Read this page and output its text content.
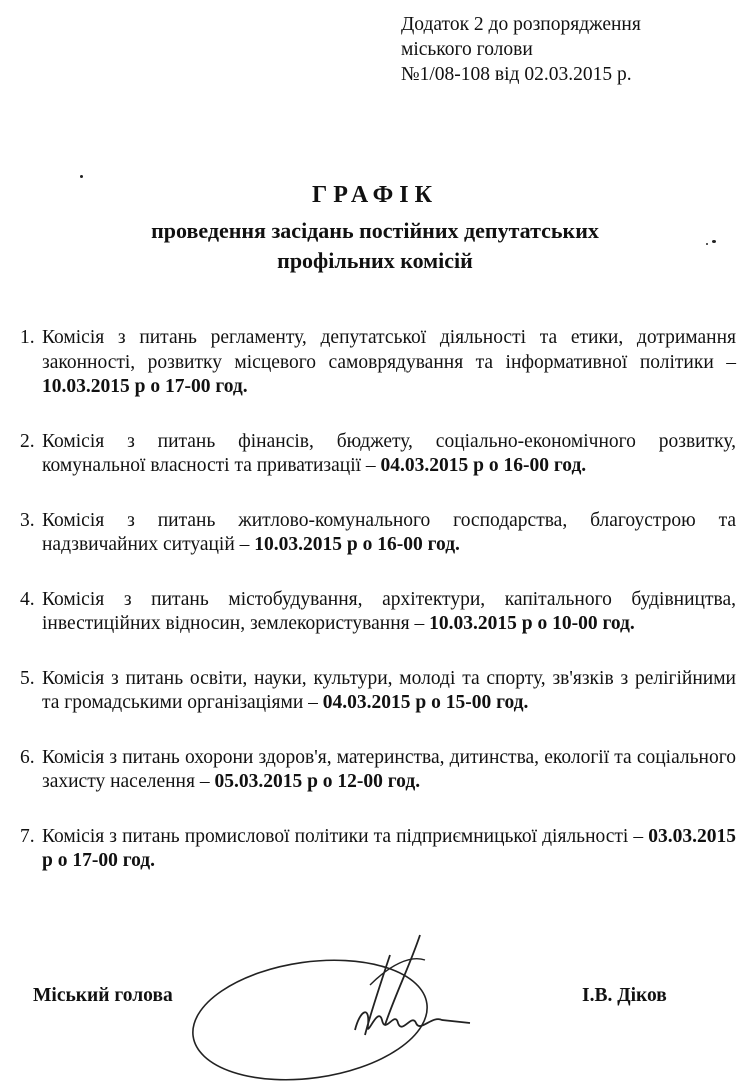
Додаток 2 до розпорядження
міського голови
№1/08-108 від 02.03.2015 р.
ГРАФІК
проведення засідань постійних депутатських
профільних комісій
1. Комісія з питань регламенту, депутатської діяльності та етики, дотримання законності, розвитку місцевого самоврядування та інформативної політики – 10.03.2015 р о 17-00 год.
2. Комісія з питань фінансів, бюджету, соціально-економічного розвитку, комунальної власності та приватизації – 04.03.2015 р о 16-00 год.
3. Комісія з питань житлово-комунального господарства, благоустрою та надзвичайних ситуацій – 10.03.2015 р о 16-00 год.
4. Комісія з питань містобудування, архітектури, капітального будівництва, інвестиційних відносин, землекористування – 10.03.2015 р о 10-00 год.
5. Комісія з питань освіти, науки, культури, молоді та спорту, зв'язків з релігійними та громадськими організаціями – 04.03.2015 р о 15-00 год.
6. Комісія з питань охорони здоров'я, материнства, дитинства, екології та соціального захисту населення – 05.03.2015 р о 12-00 год.
7. Комісія з питань промислової політики та підприємницької діяльності – 03.03.2015 р о 17-00 год.
Міський голова	І.В. Діков
